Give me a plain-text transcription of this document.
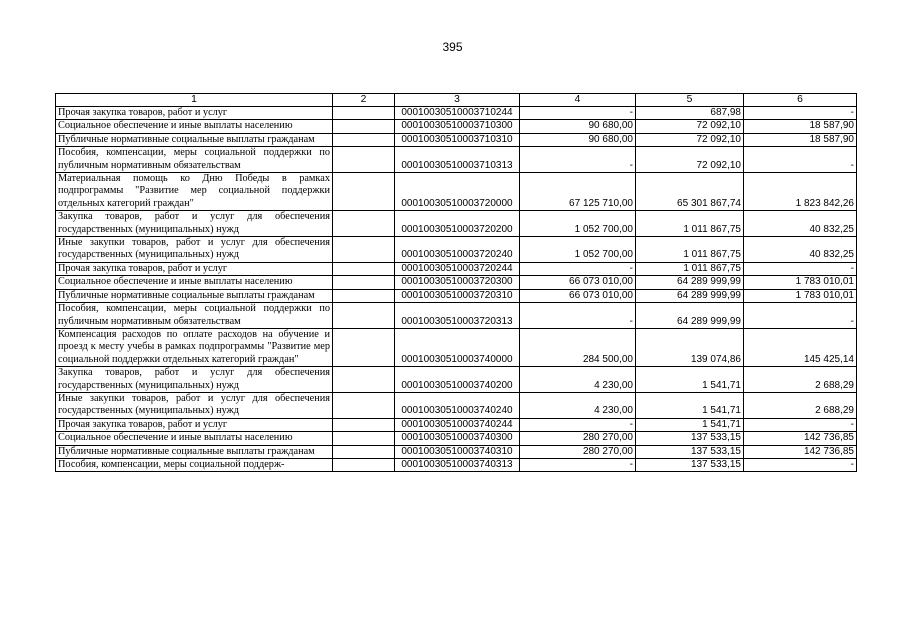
395
1	2	3	4	5	6
Прочая закупка товаров, работ и услуг		00010030510003710244	-	687,98	-
Социальное обеспечение и иные выплаты населению		00010030510003710300	90 680,00	72 092,10	18 587,90
Публичные нормативные социальные выплаты гражданам		00010030510003710310	90 680,00	72 092,10	18 587,90
Пособия, компенсации, меры социальной поддержки по публичным нормативным обязательствам		00010030510003710313	-	72 092,10	-
Материальная помощь ко Дню Победы в рамках подпрограммы "Развитие мер социальной поддержки отдельных категорий граждан"		00010030510003720000	67 125 710,00	65 301 867,74	1 823 842,26
Закупка товаров, работ и услуг для обеспечения государственных (муниципальных) нужд		00010030510003720200	1 052 700,00	1 011 867,75	40 832,25
Иные закупки товаров, работ и услуг для обеспечения государственных (муниципальных) нужд		00010030510003720240	1 052 700,00	1 011 867,75	40 832,25
Прочая закупка товаров, работ и услуг		00010030510003720244	-	1 011 867,75	-
Социальное обеспечение и иные выплаты населению		00010030510003720300	66 073 010,00	64 289 999,99	1 783 010,01
Публичные нормативные социальные выплаты гражданам		00010030510003720310	66 073 010,00	64 289 999,99	1 783 010,01
Пособия, компенсации, меры социальной поддержки по публичным нормативным обязательствам		00010030510003720313	-	64 289 999,99	-
Компенсация расходов по оплате расходов на обучение и проезд к месту учебы в рамках подпрограммы "Развитие мер социальной поддержки отдельных категорий граждан"		00010030510003740000	284 500,00	139 074,86	145 425,14
Закупка товаров, работ и услуг для обеспечения государственных (муниципальных) нужд		00010030510003740200	4 230,00	1 541,71	2 688,29
Иные закупки товаров, работ и услуг для обеспечения государственных (муниципальных) нужд		00010030510003740240	4 230,00	1 541,71	2 688,29
Прочая закупка товаров, работ и услуг		00010030510003740244	-	1 541,71	-
Социальное обеспечение и иные выплаты населению		00010030510003740300	280 270,00	137 533,15	142 736,85
Публичные нормативные социальные выплаты гражданам		00010030510003740310	280 270,00	137 533,15	142 736,85
Пособия, компенсации, меры социальной поддерж-		00010030510003740313	-	137 533,15	-
